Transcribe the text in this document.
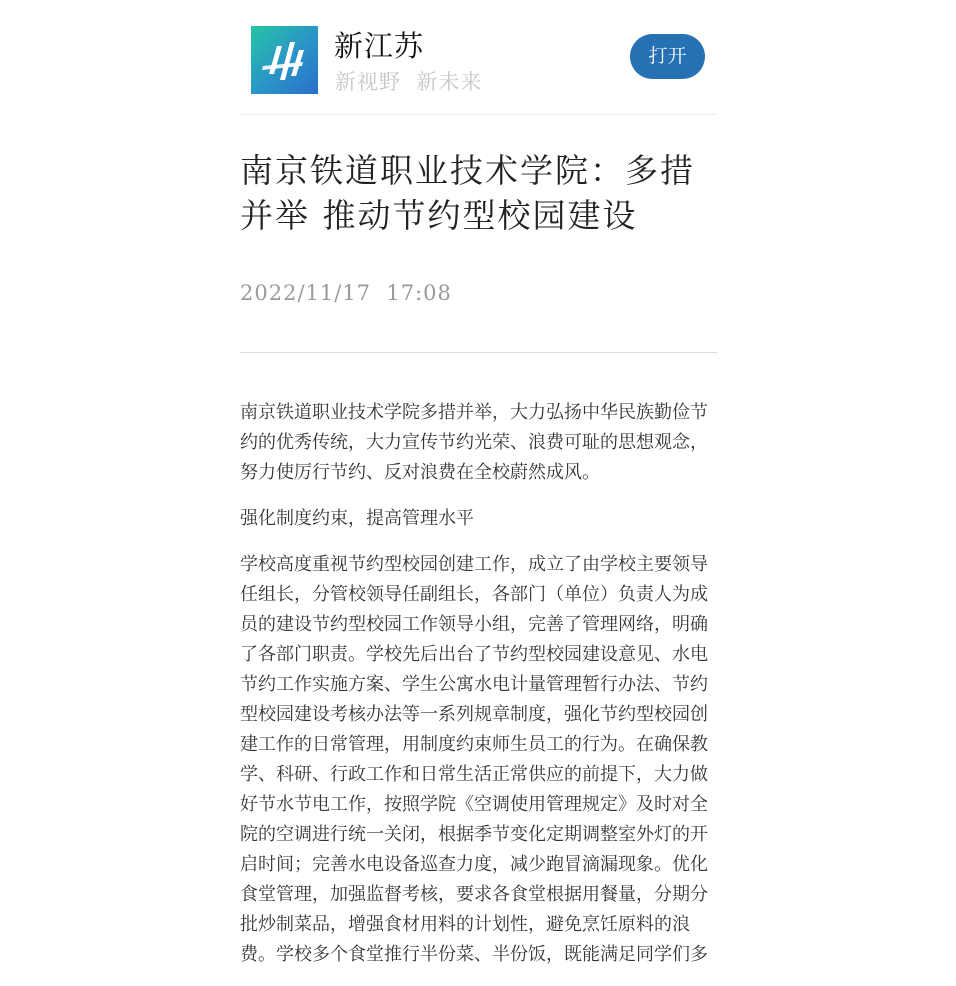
新江苏
新视野  新未来
打开
南京铁道职业技术学院：多措并举 推动节约型校园建设
2022/11/17  17:08

南京铁道职业技术学院多措并举，大力弘扬中华民族勤俭节约的优秀传统，大力宣传节约光荣、浪费可耻的思想观念，努力使厉行节约、反对浪费在全校蔚然成风。

强化制度约束，提高管理水平

学校高度重视节约型校园创建工作，成立了由学校主要领导任组长，分管校领导任副组长，各部门（单位）负责人为成员的建设节约型校园工作领导小组，完善了管理网络，明确了各部门职责。学校先后出台了节约型校园建设意见、水电节约工作实施方案、学生公寓水电计量管理暂行办法、节约型校园建设考核办法等一系列规章制度，强化节约型校园创建工作的日常管理，用制度约束师生员工的行为。在确保教学、科研、行政工作和日常生活正常供应的前提下，大力做好节水节电工作，按照学院《空调使用管理规定》及时对全院的空调进行统一关闭，根据季节变化定期调整室外灯的开启时间；完善水电设备巡查力度，减少跑冒滴漏现象。优化食堂管理，加强监督考核，要求各食堂根据用餐量，分期分批炒制菜品，增强食材用料的计划性，避免烹饪原料的浪费。学校多个食堂推行半份菜、半份饭，既能满足同学们多
